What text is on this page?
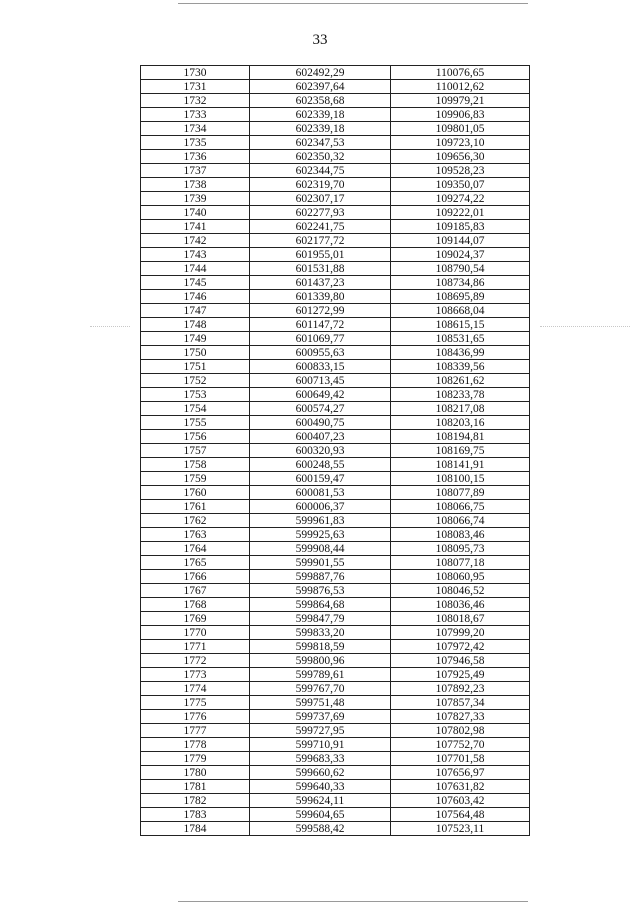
33
1730	602492,29	110076,65
1731	602397,64	110012,62
1732	602358,68	109979,21
1733	602339,18	109906,83
1734	602339,18	109801,05
1735	602347,53	109723,10
1736	602350,32	109656,30
1737	602344,75	109528,23
1738	602319,70	109350,07
1739	602307,17	109274,22
1740	602277,93	109222,01
1741	602241,75	109185,83
1742	602177,72	109144,07
1743	601955,01	109024,37
1744	601531,88	108790,54
1745	601437,23	108734,86
1746	601339,80	108695,89
1747	601272,99	108668,04
1748	601147,72	108615,15
1749	601069,77	108531,65
1750	600955,63	108436,99
1751	600833,15	108339,56
1752	600713,45	108261,62
1753	600649,42	108233,78
1754	600574,27	108217,08
1755	600490,75	108203,16
1756	600407,23	108194,81
1757	600320,93	108169,75
1758	600248,55	108141,91
1759	600159,47	108100,15
1760	600081,53	108077,89
1761	600006,37	108066,75
1762	599961,83	108066,74
1763	599925,63	108083,46
1764	599908,44	108095,73
1765	599901,55	108077,18
1766	599887,76	108060,95
1767	599876,53	108046,52
1768	599864,68	108036,46
1769	599847,79	108018,67
1770	599833,20	107999,20
1771	599818,59	107972,42
1772	599800,96	107946,58
1773	599789,61	107925,49
1774	599767,70	107892,23
1775	599751,48	107857,34
1776	599737,69	107827,33
1777	599727,95	107802,98
1778	599710,91	107752,70
1779	599683,33	107701,58
1780	599660,62	107656,97
1781	599640,33	107631,82
1782	599624,11	107603,42
1783	599604,65	107564,48
1784	599588,42	107523,11
